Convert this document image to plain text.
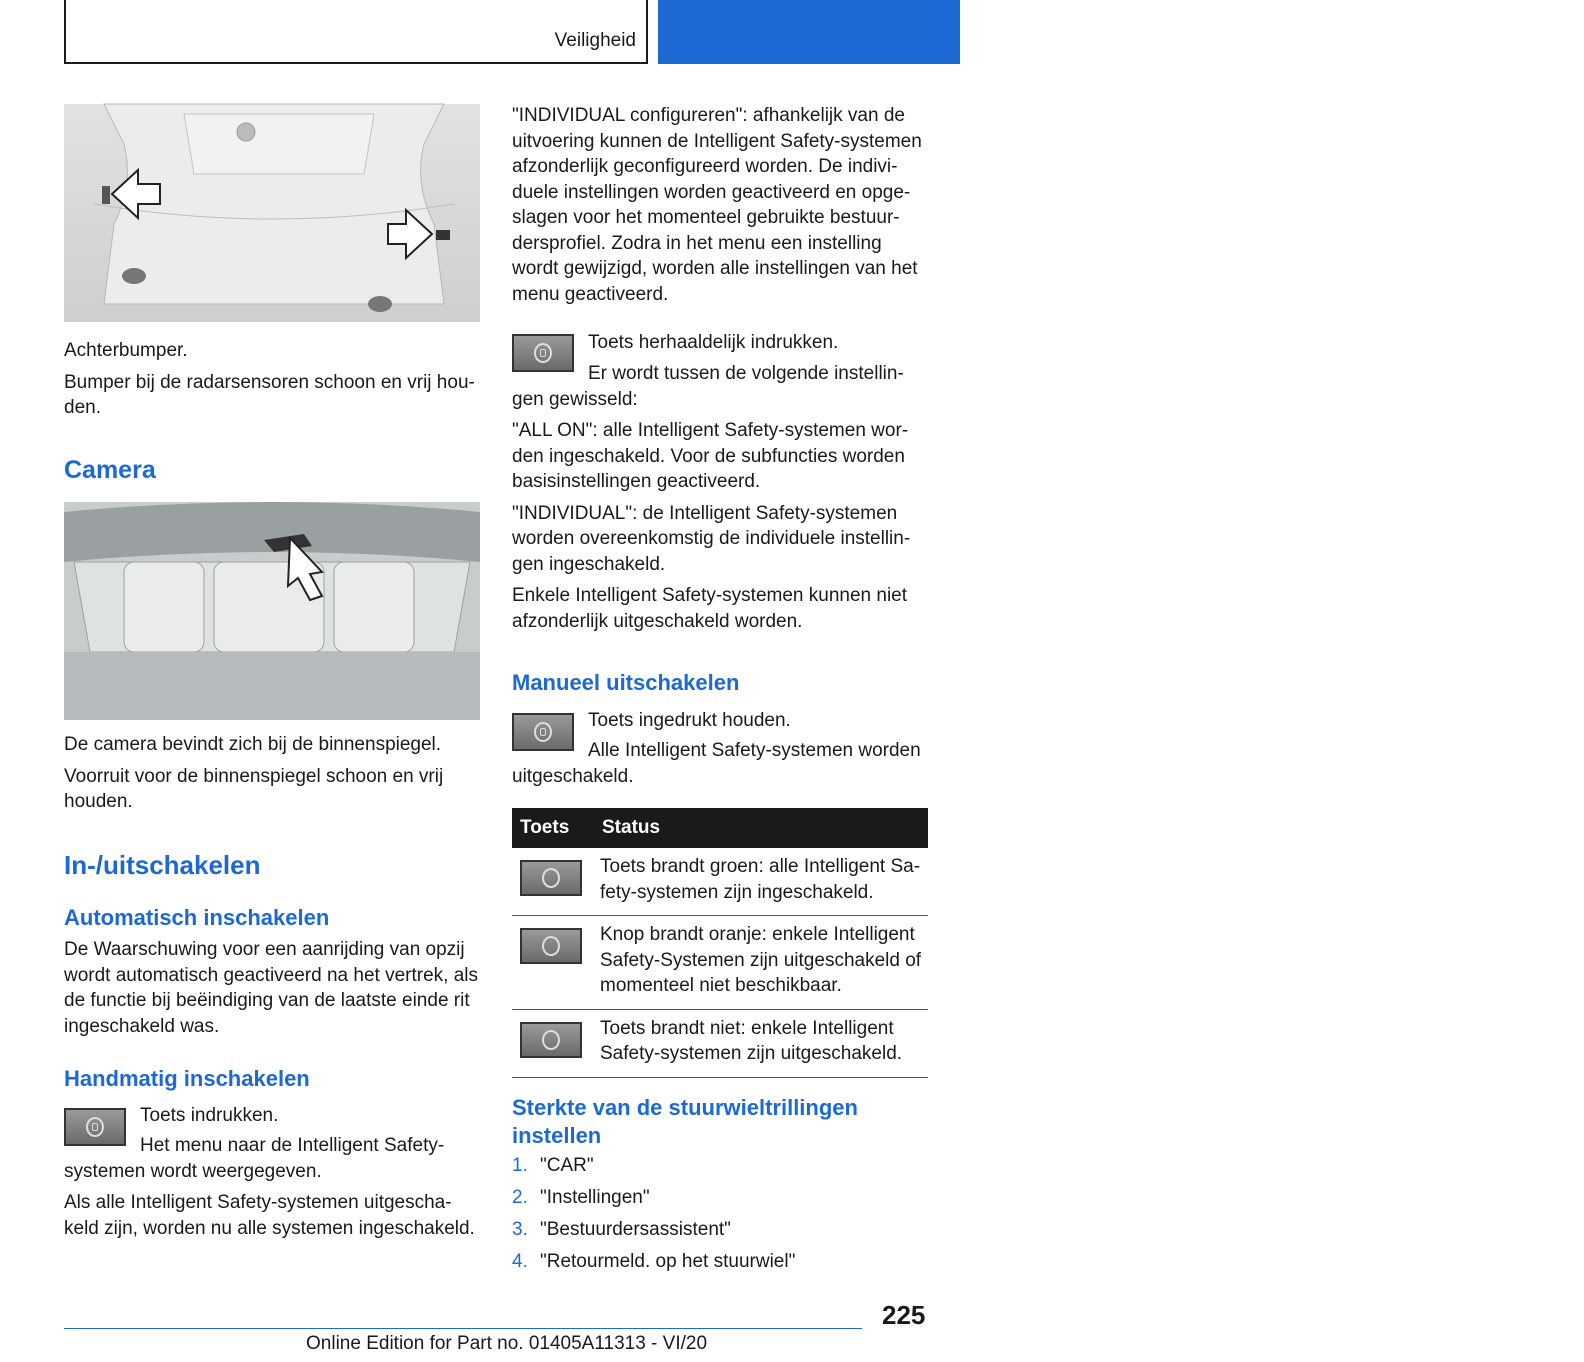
Veiligheid	BEDIENING

Achterbumper.

Bumper bij de radarsensoren schoon en vrij hou-den.

Camera

De camera bevindt zich bij de binnenspiegel.

Voorruit voor de binnenspiegel schoon en vrij houden.

In-/uitschakelen
Automatisch inschakelen

De Waarschuwing voor een aanrijding van opzij wordt automatisch geactiveerd na het vertrek, als de functie bij beëindiging van de laatste einde rit ingeschakeld was.

Handmatig inschakelen

Toets indrukken.

Het menu naar de Intelligent Safety-systemen wordt weergegeven.

Als alle Intelligent Safety-systemen uitgescha-keld zijn, worden nu alle systemen ingeschakeld.

"INDIVIDUAL configureren": afhankelijk van de uitvoering kunnen de Intelligent Safety-systemen afzonderlijk geconfigureerd worden. De indivi-duele instellingen worden geactiveerd en opge-slagen voor het momenteel gebruikte bestuur-dersprofiel. Zodra in het menu een instelling wordt gewijzigd, worden alle instellingen van het menu geactiveerd.

Toets herhaaldelijk indrukken.

Er wordt tussen de volgende instellin-gen gewisseld:

"ALL ON": alle Intelligent Safety-systemen wor-den ingeschakeld. Voor de subfuncties worden basisinstellingen geactiveerd.

"INDIVIDUAL": de Intelligent Safety-systemen worden overeenkomstig de individuele instellin-gen ingeschakeld.

Enkele Intelligent Safety-systemen kunnen niet afzonderlijk uitgeschakeld worden.

Manueel uitschakelen

Toets ingedrukt houden.

Alle Intelligent Safety-systemen worden uitgeschakeld.

Toets	Status

	Toets brandt groen: alle Intelligent Sa-fety-systemen zijn ingeschakeld.

	Knop brandt oranje: enkele Intelligent Safety-Systemen zijn uitgeschakeld of momenteel niet beschikbaar.

	Toets brandt niet: enkele Intelligent Safety-systemen zijn uitgeschakeld.
Sterkte van de stuurwieltrillingen instellen
1. "CAR"
2. "Instellingen"
3. "Bestuurdersassistent"
4. "Retourmeld. op het stuurwiel"
225
Online Edition for Part no. 01405A11313 - VI/20
